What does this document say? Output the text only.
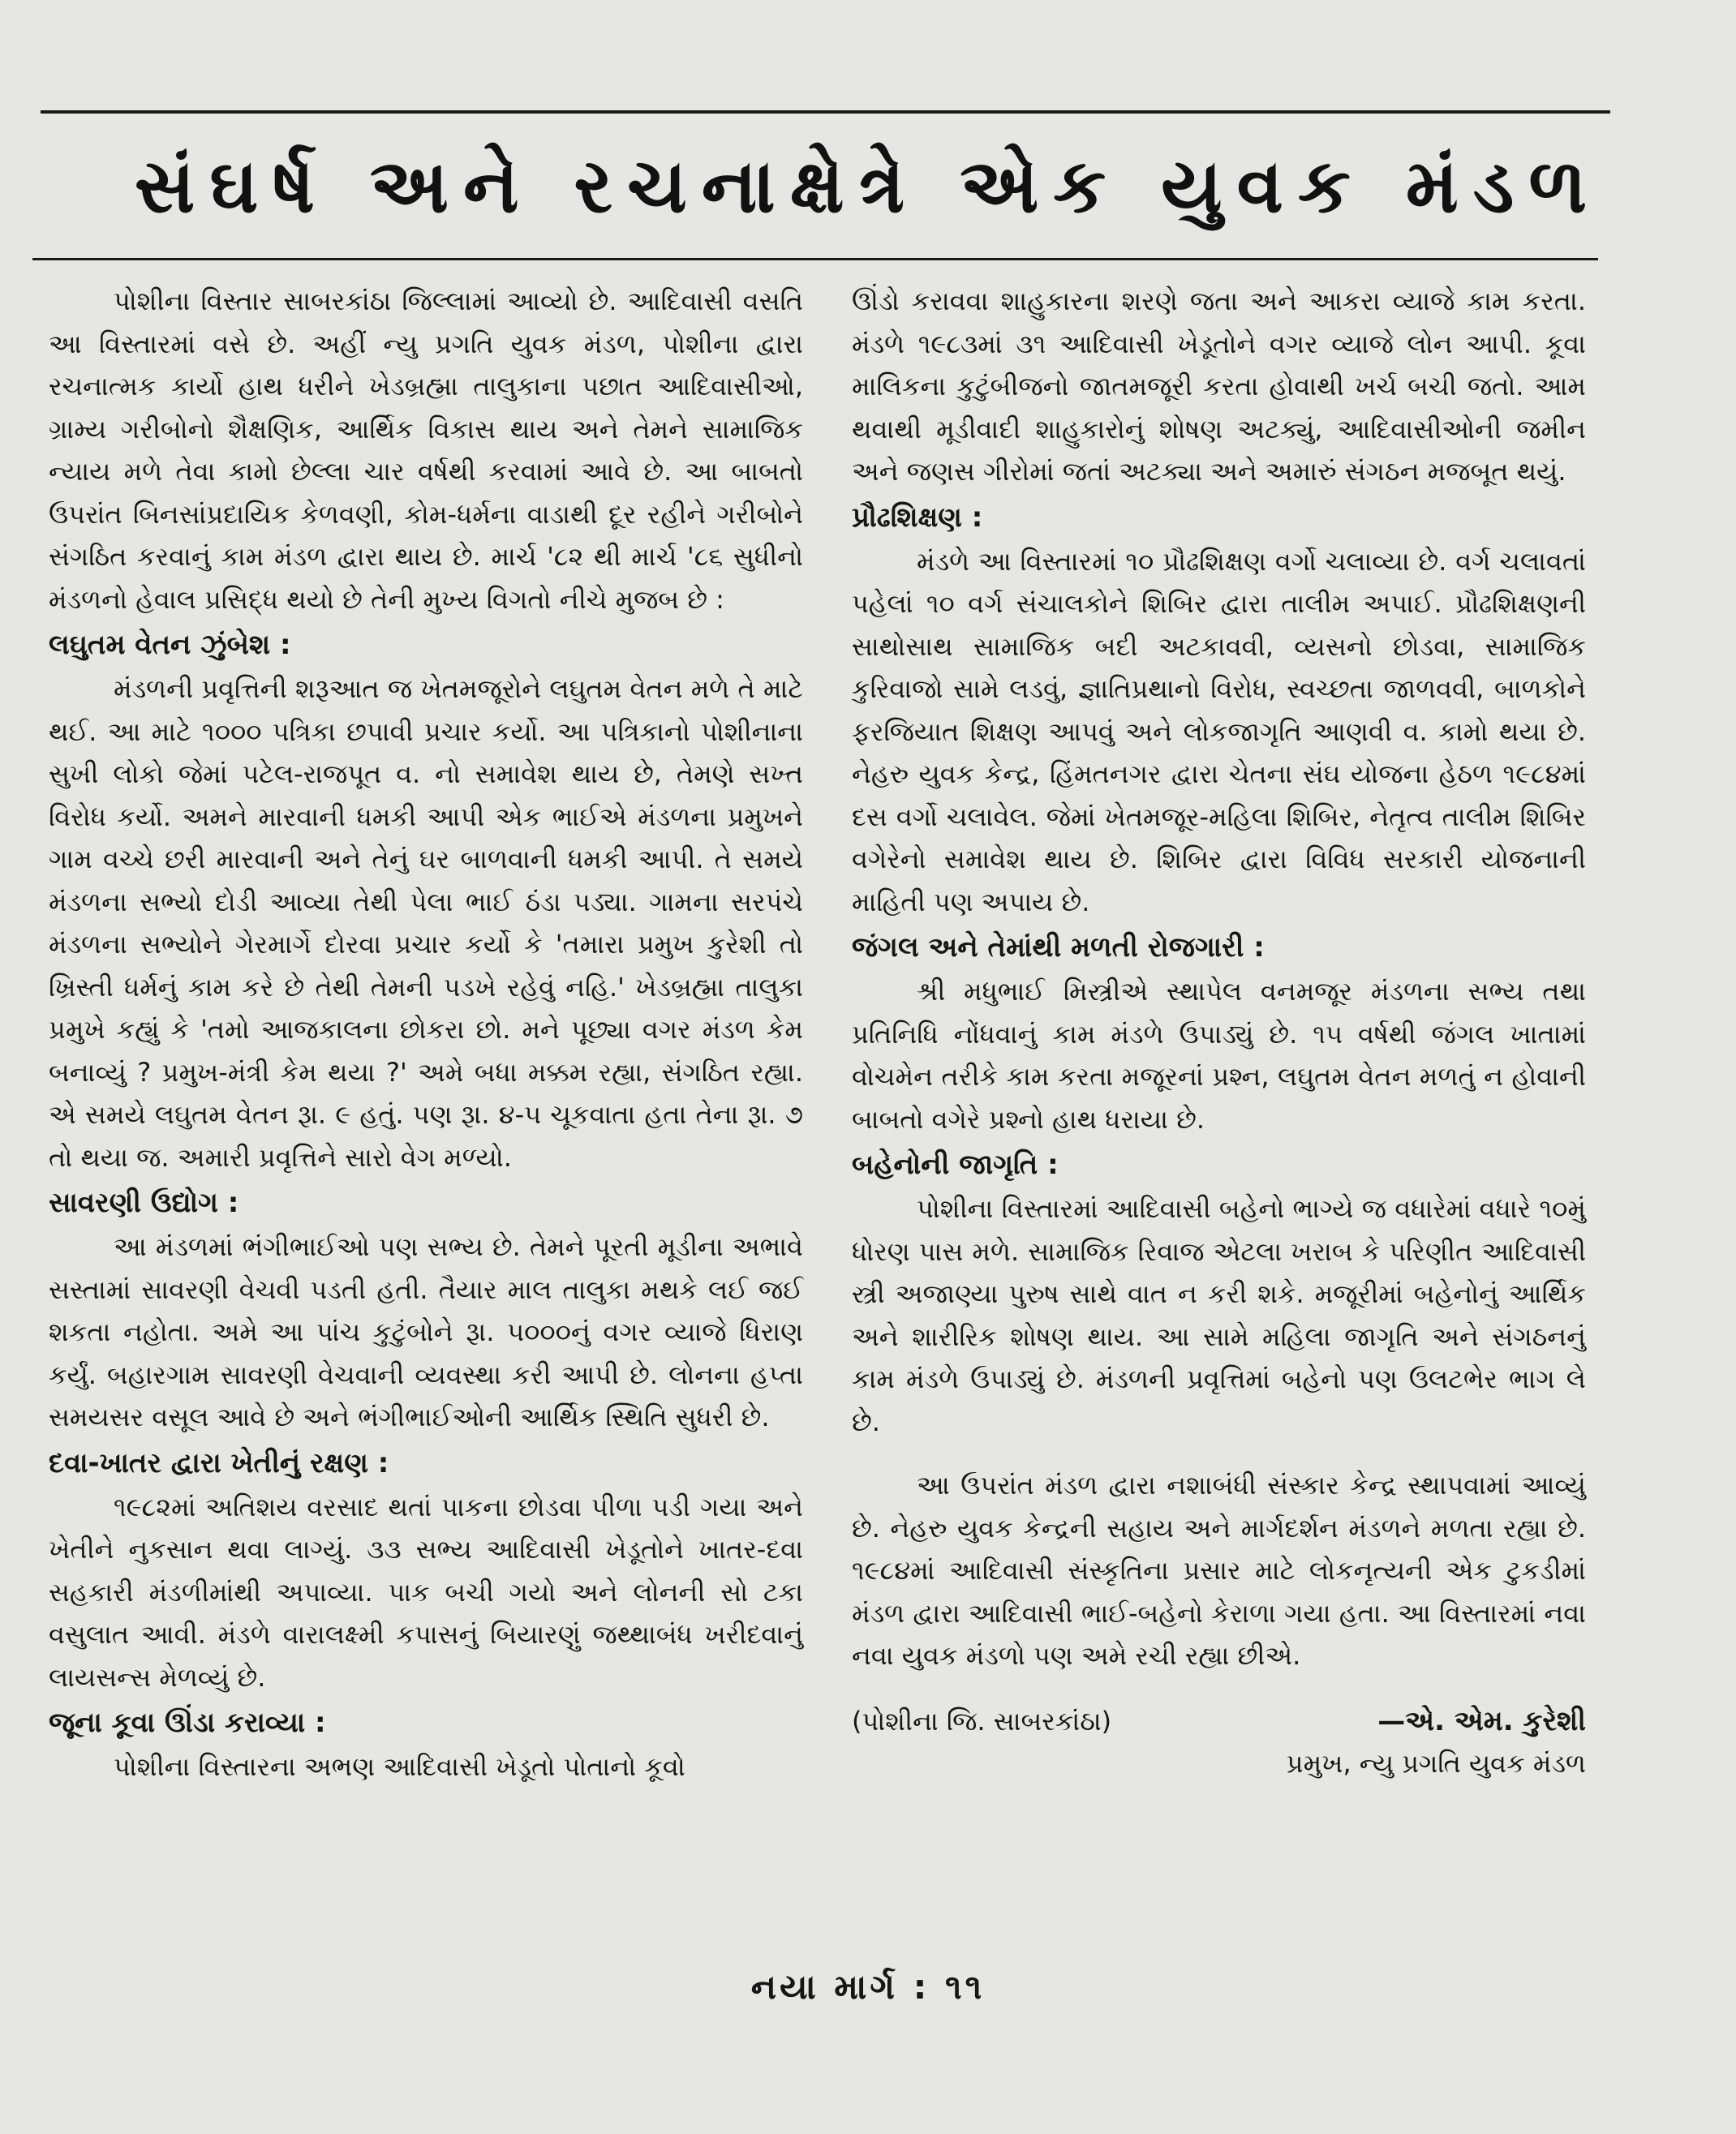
સંઘર્ષ અને રચનાક્ષેત્રે એક યુવક મંડળ

પોશીના વિસ્તાર સાબરકાંઠા જિલ્લામાં આવ્યો છે. આદિવાસી વસતિ આ વિસ્તારમાં વસે છે. અહીં ન્યુ પ્રગતિ યુવક મંડળ, પોશીના દ્વારા રચનાત્મક કાર્યો હાથ ધરીને ખેડબ્રહ્મા તાલુકાના પછાત આદિવાસીઓ, ગ્રામ્ય ગરીબોનો શૈક્ષણિક, આર્થિક વિકાસ થાય અને તેમને સામાજિક ન્યાય મળે તેવા કામો છેલ્લા ચાર વર્ષથી કરવામાં આવે છે. આ બાબતો ઉપરાંત બિનસાંપ્રદાયિક કેળવણી, કોમ-ધર્મના વાડાથી દૂર રહીને ગરીબોને સંગઠિત કરવાનું કામ મંડળ દ્વારા થાય છે. માર્ચ '૮૨ થી માર્ચ '૮૬ સુધીનો મંડળનો હેવાલ પ્રસિદ્ધ થયો છે તેની મુખ્ય વિગતો નીચે મુજબ છે :

લઘુતમ વેતન ઝુંબેશ :

મંડળની પ્રવૃત્તિની શરૂઆત જ ખેતમજૂરોને લઘુતમ વેતન મળે તે માટે થઈ. આ માટે ૧૦૦૦ પત્રિકા છપાવી પ્રચાર કર્યો. આ પત્રિકાનો પોશીનાના સુખી લોકો જેમાં પટેલ-રાજપૂત વ. નો સમાવેશ થાય છે, તેમણે સખ્ત વિરોધ કર્યો. અમને મારવાની ધમકી આપી એક ભાઈએ મંડળના પ્રમુખને ગામ વચ્ચે છરી મારવાની અને તેનું ઘર બાળવાની ધમકી આપી. તે સમયે મંડળના સભ્યો દોડી આવ્યા તેથી પેલા ભાઈ ઠંડા પડ્યા. ગામના સરપંચે મંડળના સભ્યોને ગેરમાર્ગે દોરવા પ્રચાર કર્યો કે 'તમારા પ્રમુખ કુરેશી તો ખ્રિસ્તી ધર્મનું કામ કરે છે તેથી તેમની પડખે રહેવું નહિ.' ખેડબ્રહ્મા તાલુકા પ્રમુખે કહ્યું કે 'તમો આજકાલના છોકરા છો. મને પૂછ્યા વગર મંડળ કેમ બનાવ્યું ? પ્રમુખ-મંત્રી કેમ થયા ?' અમે બધા મક્કમ રહ્યા, સંગઠિત રહ્યા. એ સમયે લઘુતમ વેતન રૂા. ૯ હતું. પણ રૂા. ૪-૫ ચૂકવાતા હતા તેના રૂા. ૭ તો થયા જ. અમારી પ્રવૃત્તિને સારો વેગ મળ્યો.

સાવરણી ઉદ્યોગ :

આ મંડળમાં ભંગીભાઈઓ પણ સભ્ય છે. તેમને પૂરતી મૂડીના અભાવે સસ્તામાં સાવરણી વેચવી પડતી હતી. તૈયાર માલ તાલુકા મથકે લઈ જઈ શકતા નહોતા. અમે આ પાંચ કુટુંબોને રૂા. ૫૦૦૦નું વગર વ્યાજે ધિરાણ કર્યું. બહારગામ સાવરણી વેચવાની વ્યવસ્થા કરી આપી છે. લોનના હપ્તા સમયસર વસૂલ આવે છે અને ભંગીભાઈઓની આર્થિક સ્થિતિ સુધરી છે.

દવા-ખાતર દ્વારા ખેતીનું રક્ષણ :

૧૯૮૨માં અતિશય વરસાદ થતાં પાકના છોડવા પીળા પડી ગયા અને ખેતીને નુકસાન થવા લાગ્યું. ૩૩ સભ્ય આદિવાસી ખેડૂતોને ખાતર-દવા સહકારી મંડળીમાંથી અપાવ્યા. પાક બચી ગયો અને લોનની સો ટકા વસુલાત આવી. મંડળે વારાલક્ષ્મી કપાસનું બિયારણું જથ્થાબંધ ખરીદવાનું લાયસન્સ મેળવ્યું છે.

જૂના કૂવા ઊંડા કરાવ્યા :

પોશીના વિસ્તારના અભણ આદિવાસી ખેડૂતો પોતાનો કૂવો

ઊંડો કરાવવા શાહુકારના શરણે જતા અને આકરા વ્યાજે કામ કરતા. મંડળે ૧૯૮૩માં ૩૧ આદિવાસી ખેડૂતોને વગર વ્યાજે લોન આપી. કૂવા માલિકના કુટુંબીજનો જાતમજૂરી કરતા હોવાથી ખર્ચ બચી જતો. આમ થવાથી મૂડીવાદી શાહુકારોનું શોષણ અટક્યું, આદિવાસીઓની જમીન અને જણસ ગીરોમાં જતાં અટક્યા અને અમારું સંગઠન મજબૂત થયું.

પ્રૌઢશિક્ષણ :

મંડળે આ વિસ્તારમાં ૧૦ પ્રૌઢશિક્ષણ વર્ગો ચલાવ્યા છે. વર્ગ ચલાવતાં પહેલાં ૧૦ વર્ગ સંચાલકોને શિબિર દ્વારા તાલીમ અપાઈ. પ્રૌઢશિક્ષણની સાથોસાથ સામાજિક બદી અટકાવવી, વ્યસનો છોડવા, સામાજિક કુરિવાજો સામે લડવું, જ્ઞાતિપ્રથાનો વિરોધ, સ્વચ્છતા જાળવવી, બાળકોને ફરજિયાત શિક્ષણ આપવું અને લોકજાગૃતિ આણવી વ. કામો થયા છે. નેહરુ યુવક કેન્દ્ર, હિંમતનગર દ્વારા ચેતના સંઘ યોજના હેઠળ ૧૯૮૪માં દસ વર્ગો ચલાવેલ. જેમાં ખેતમજૂર-મહિલા શિબિર, નેતૃત્વ તાલીમ શિબિર વગેરેનો સમાવેશ થાય છે. શિબિર દ્વારા વિવિધ સરકારી યોજનાની માહિતી પણ અપાય છે.

જંગલ અને તેમાંથી મળતી રોજગારી :

શ્રી મધુભાઈ મિસ્ત્રીએ સ્થાપેલ વનમજૂર મંડળના સભ્ય તથા પ્રતિનિધિ નોંધવાનું કામ મંડળે ઉપાડ્યું છે. ૧૫ વર્ષથી જંગલ ખાતામાં વોચમેન તરીકે કામ કરતા મજૂરનાં પ્રશ્ન, લઘુતમ વેતન મળતું ન હોવાની બાબતો વગેરે પ્રશ્નો હાથ ધરાયા છે.

બહેનોની જાગૃતિ :

પોશીના વિસ્તારમાં આદિવાસી બહેનો ભાગ્યે જ વધારેમાં વધારે ૧૦મું ધોરણ પાસ મળે. સામાજિક રિવાજ એટલા ખરાબ કે પરિણીત આદિવાસી સ્ત્રી અજાણ્યા પુરુષ સાથે વાત ન કરી શકે. મજૂરીમાં બહેનોનું આર્થિક અને શારીરિક શોષણ થાય. આ સામે મહિલા જાગૃતિ અને સંગઠનનું કામ મંડળે ઉપાડ્યું છે. મંડળની પ્રવૃત્તિમાં બહેનો પણ ઉલટભેર ભાગ લે છે.

આ ઉપરાંત મંડળ દ્વારા નશાબંધી સંસ્કાર કેન્દ્ર સ્થાપવામાં આવ્યું છે. નેહરુ યુવક કેન્દ્રની સહાય અને માર્ગદર્શન મંડળને મળતા રહ્યા છે. ૧૯૮૪માં આદિવાસી સંસ્કૃતિના પ્રસાર માટે લોકનૃત્યની એક ટુકડીમાં મંડળ દ્વારા આદિવાસી ભાઈ-બહેનો કેરાળા ગયા હતા. આ વિસ્તારમાં નવા નવા યુવક મંડળો પણ અમે રચી રહ્યા છીએ.

(પોશીના જિ. સાબરકાંઠા)	—એ. એમ. કુરેશી
પ્રમુખ, ન્યુ પ્રગતિ યુવક મંડળ
નયા માર્ગ : ૧૧
